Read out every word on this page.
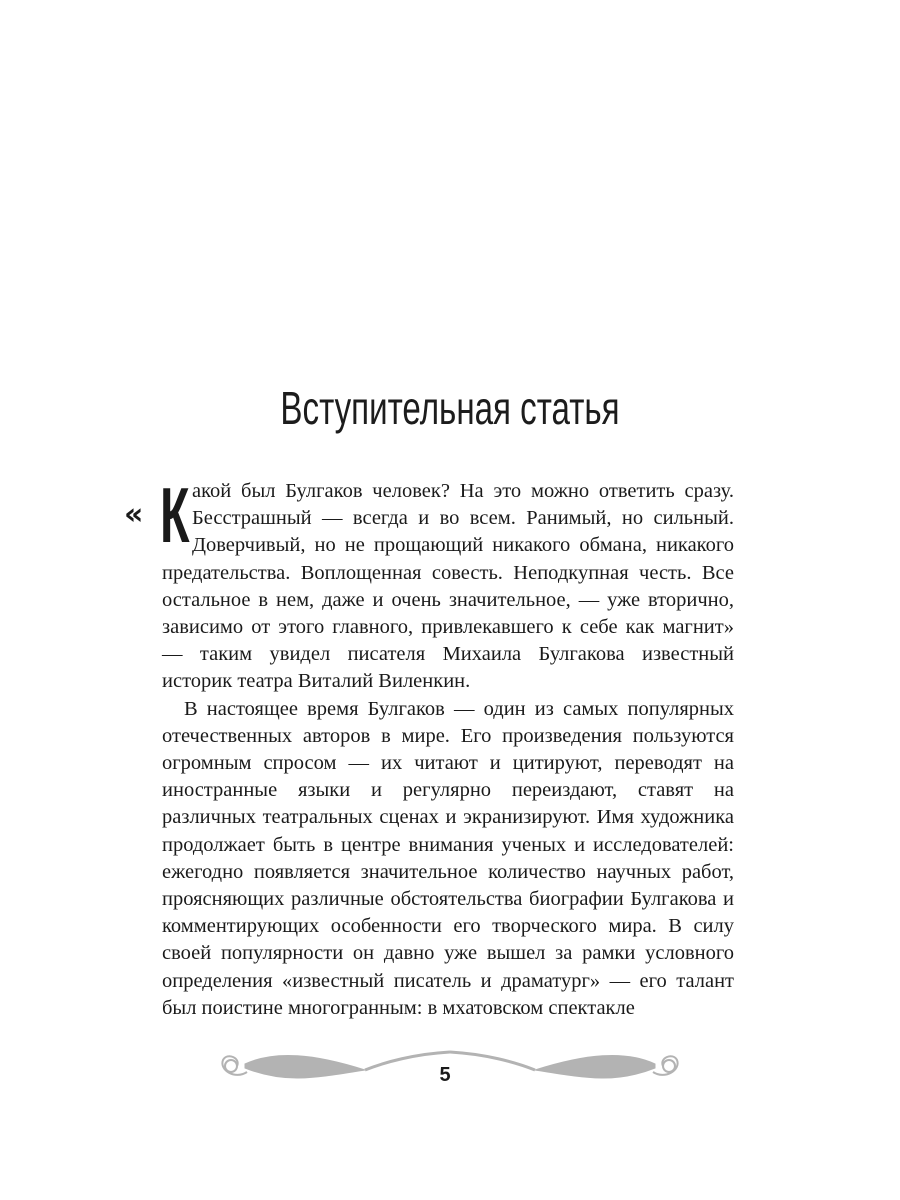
Вступительная статья

« К акой был Булгаков человек? На это можно ответить сразу. Бесстрашный — всегда и во всем. Ранимый, но сильный. Доверчивый, но не прощающий никакого обмана, никакого предательства. Воплощенная совесть. Неподкупная честь. Все остальное в нем, даже и очень значительное, — уже вторично, зависимо от этого главного, привлекавшего к себе как магнит» — таким увидел писателя Михаила Булгакова известный историк театра Виталий Виленкин.

В настоящее время Булгаков — один из самых популярных отечественных авторов в мире. Его произведения пользуются огромным спросом — их читают и цитируют, переводят на иностранные языки и регулярно переиздают, ставят на различных театральных сценах и экранизируют. Имя художника продолжает быть в центре внимания ученых и исследователей: ежегодно появляется значительное количество научных работ, проясняющих различные обстоятельства биографии Булгакова и комментирующих особенности его творческого мира. В силу своей популярности он давно уже вышел за рамки условного определения «известный писатель и драматург» — его талант был поистине многогранным: в мхатовском спектакле

5
